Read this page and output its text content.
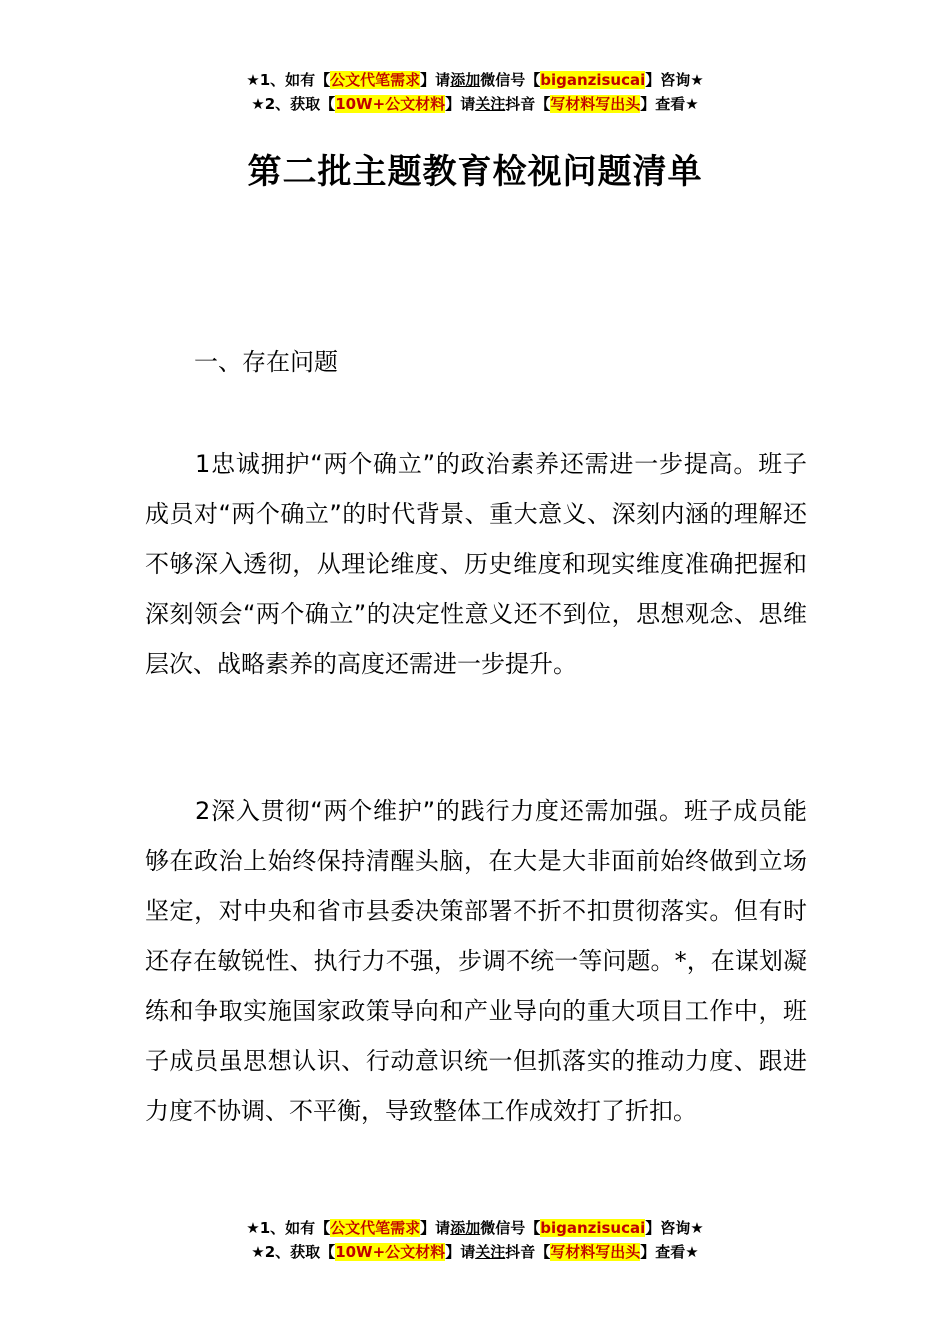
★1、如有【公文代笔需求】请添加微信号【biganzisucai】咨询★
★2、获取【10W+公文材料】请关注抖音【写材料写出头】查看★
第二批主题教育检视问题清单
一、存在问题

1忠诚拥护“两个确立”的政治素养还需进一步提高。班子成员对“两个确立”的时代背景、重大意义、深刻内涵的理解还不够深入透彻，从理论维度、历史维度和现实维度准确把握和深刻领会“两个确立”的决定性意义还不到位，思想观念、思维层次、战略素养的高度还需进一步提升。

2深入贯彻“两个维护”的践行力度还需加强。班子成员能够在政治上始终保持清醒头脑，在大是大非面前始终做到立场坚定，对中央和省市县委决策部署不折不扣贯彻落实。但有时还存在敏锐性、执行力不强，步调不统一等问题。*，在谋划凝练和争取实施国家政策导向和产业导向的重大项目工作中，班子成员虽思想认识、行动意识统一但抓落实的推动力度、跟进力度不协调、不平衡，导致整体工作成效打了折扣。

★1、如有【公文代笔需求】请添加微信号【biganzisucai】咨询★
★2、获取【10W+公文材料】请关注抖音【写材料写出头】查看★
